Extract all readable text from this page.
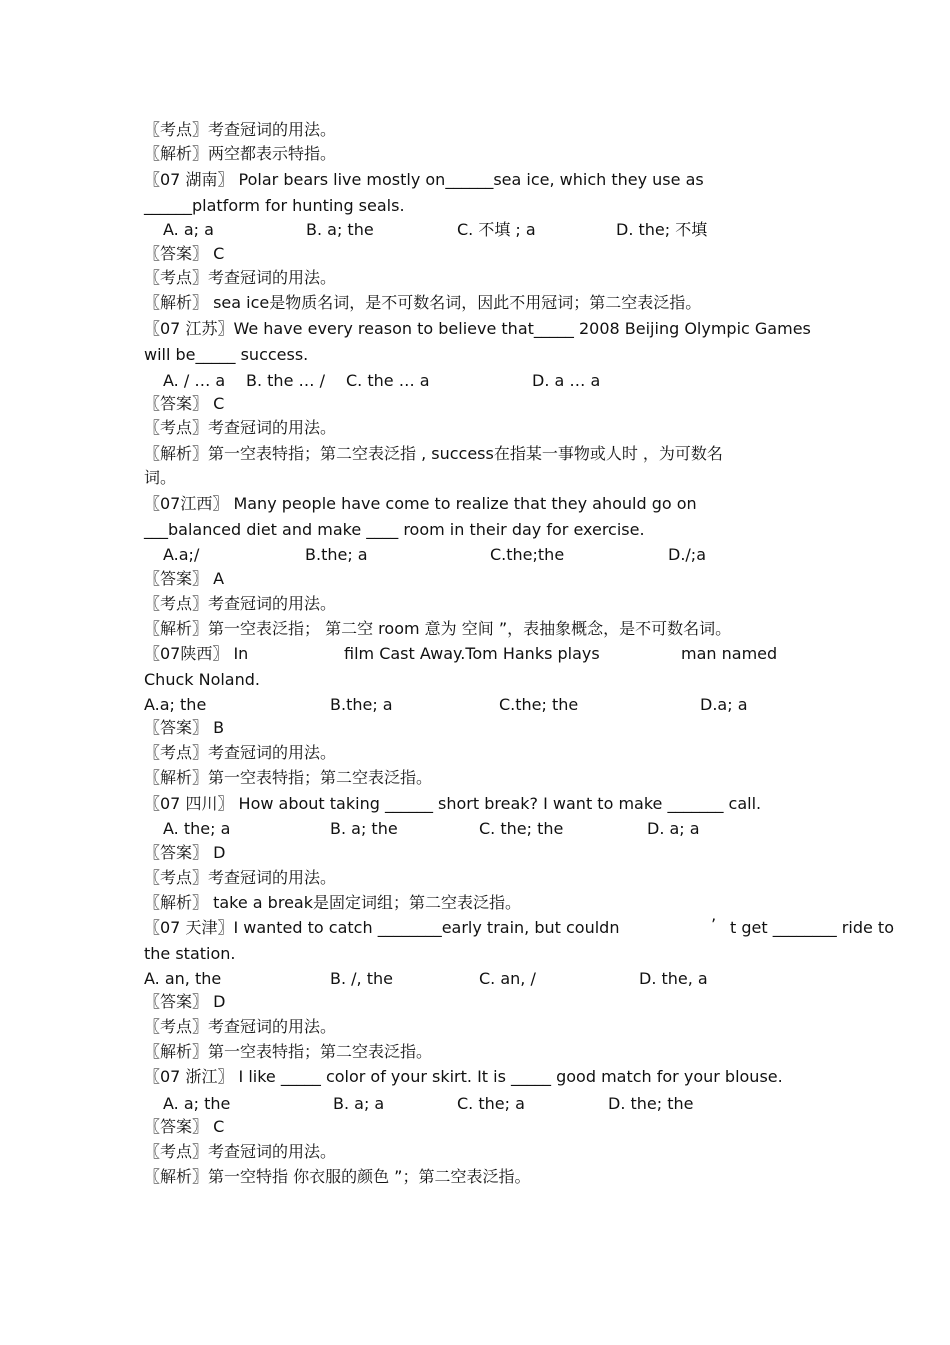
〖考点〗考查冠词的用法。
〖解析〗两空都表示特指。
〖07 湖南〗 Polar bears live mostly on______sea ice, which they use as
______platform for hunting seals.
A. a; a	B. a; the	C. 不填 ; a	D. the; 不填
〖答案〗 C
〖考点〗考查冠词的用法。
〖解析〗 sea ice是物质名词，是不可数名词，因此不用冠词；第二空表泛指。
〖07 江苏〗We have every reason to believe that_____ 2008 Beijing Olympic Games
will be_____ success.
A. / … a B. the … / C. the … a	D. a … a
〖答案〗 C
〖考点〗考查冠词的用法。
〖解析〗第一空表特指；第二空表泛指 , success在指某一事物或人时 ，为可数名
词。
〖07江西〗 Many people have come to realize that they ahould go on
___balanced diet and make ____ room in their day for exercise.
A.a;/	B.the; a	C.the;the	D./;a
〖答案〗 A
〖考点〗考查冠词的用法。
〖解析〗第一空表泛指； 第二空 room 意为 空间 ”，表抽象概念，是不可数名词。
〖07陕西〗 In	film Cast Away.Tom Hanks plays	man named
Chuck Noland.
A.a; the	B.the; a	C.the; the	D.a; a
〖答案〗 B
〖考点〗考查冠词的用法。
〖解析〗第一空表特指；第二空表泛指。
〖07 四川〗 How about taking ______ short break? I want to make _______ call.
A. the; a	B. a; the	C. the; the	D. a; a
〖答案〗 D
〖考点〗考查冠词的用法。
〖解析〗 take a break是固定词组；第二空表泛指。
〖07 天津〗I wanted to catch ________early train, but couldn	’ t get ________ ride to
the station.
A. an, the	B. /, the	C. an, /	D. the, a
〖答案〗 D
〖考点〗考查冠词的用法。
〖解析〗第一空表特指；第二空表泛指。
〖07 浙江〗 I like _____ color of your skirt. It is _____ good match for your blouse.
A. a; the	B. a; a	C. the; a	D. the; the
〖答案〗 C
〖考点〗考查冠词的用法。
〖解析〗第一空特指 你衣服的颜色 ”；第二空表泛指。
